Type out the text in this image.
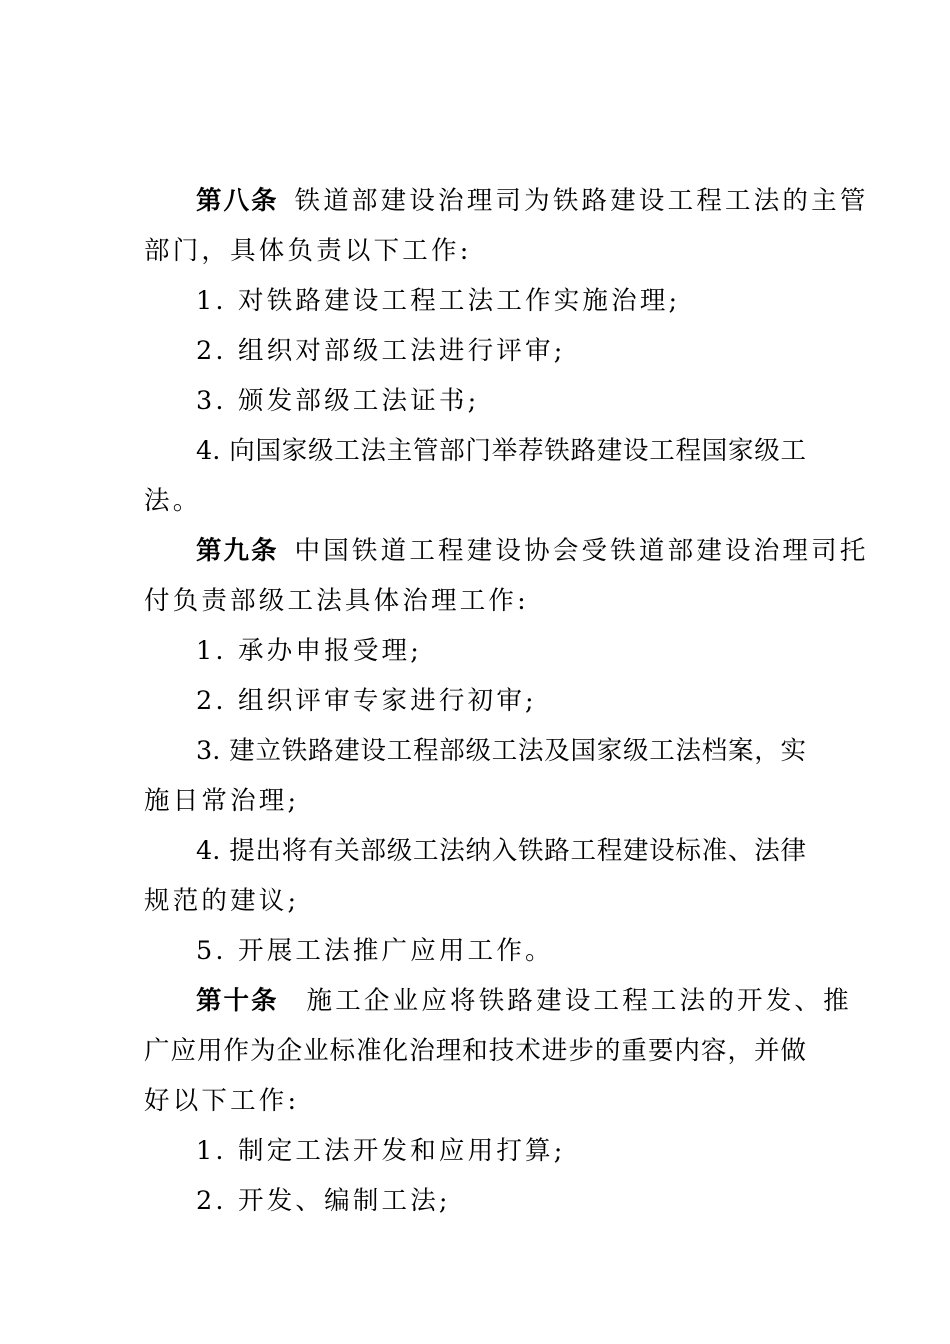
第八条 铁道部建设治理司为铁路建设工程工法的主管
部门，具体负责以下工作:
1. 对铁路建设工程工法工作实施治理;
2. 组织对部级工法进行评审;
3. 颁发部级工法证书;
4. 向国家级工法主管部门举荐铁路建设工程国家级工
法。
第九条 中国铁道工程建设协会受铁道部建设治理司托
付负责部级工法具体治理工作:
1. 承办申报受理;
2. 组织评审专家进行初审;
3. 建立铁路建设工程部级工法及国家级工法档案，实
施日常治理;
4. 提出将有关部级工法纳入铁路工程建设标准、法律
规范的建议;
5. 开展工法推广应用工作。
第十条 施工企业应将铁路建设工程工法的开发、推
广应用作为企业标准化治理和技术进步的重要内容，并做
好以下工作:
1. 制定工法开发和应用打算;
2. 开发、编制工法;
